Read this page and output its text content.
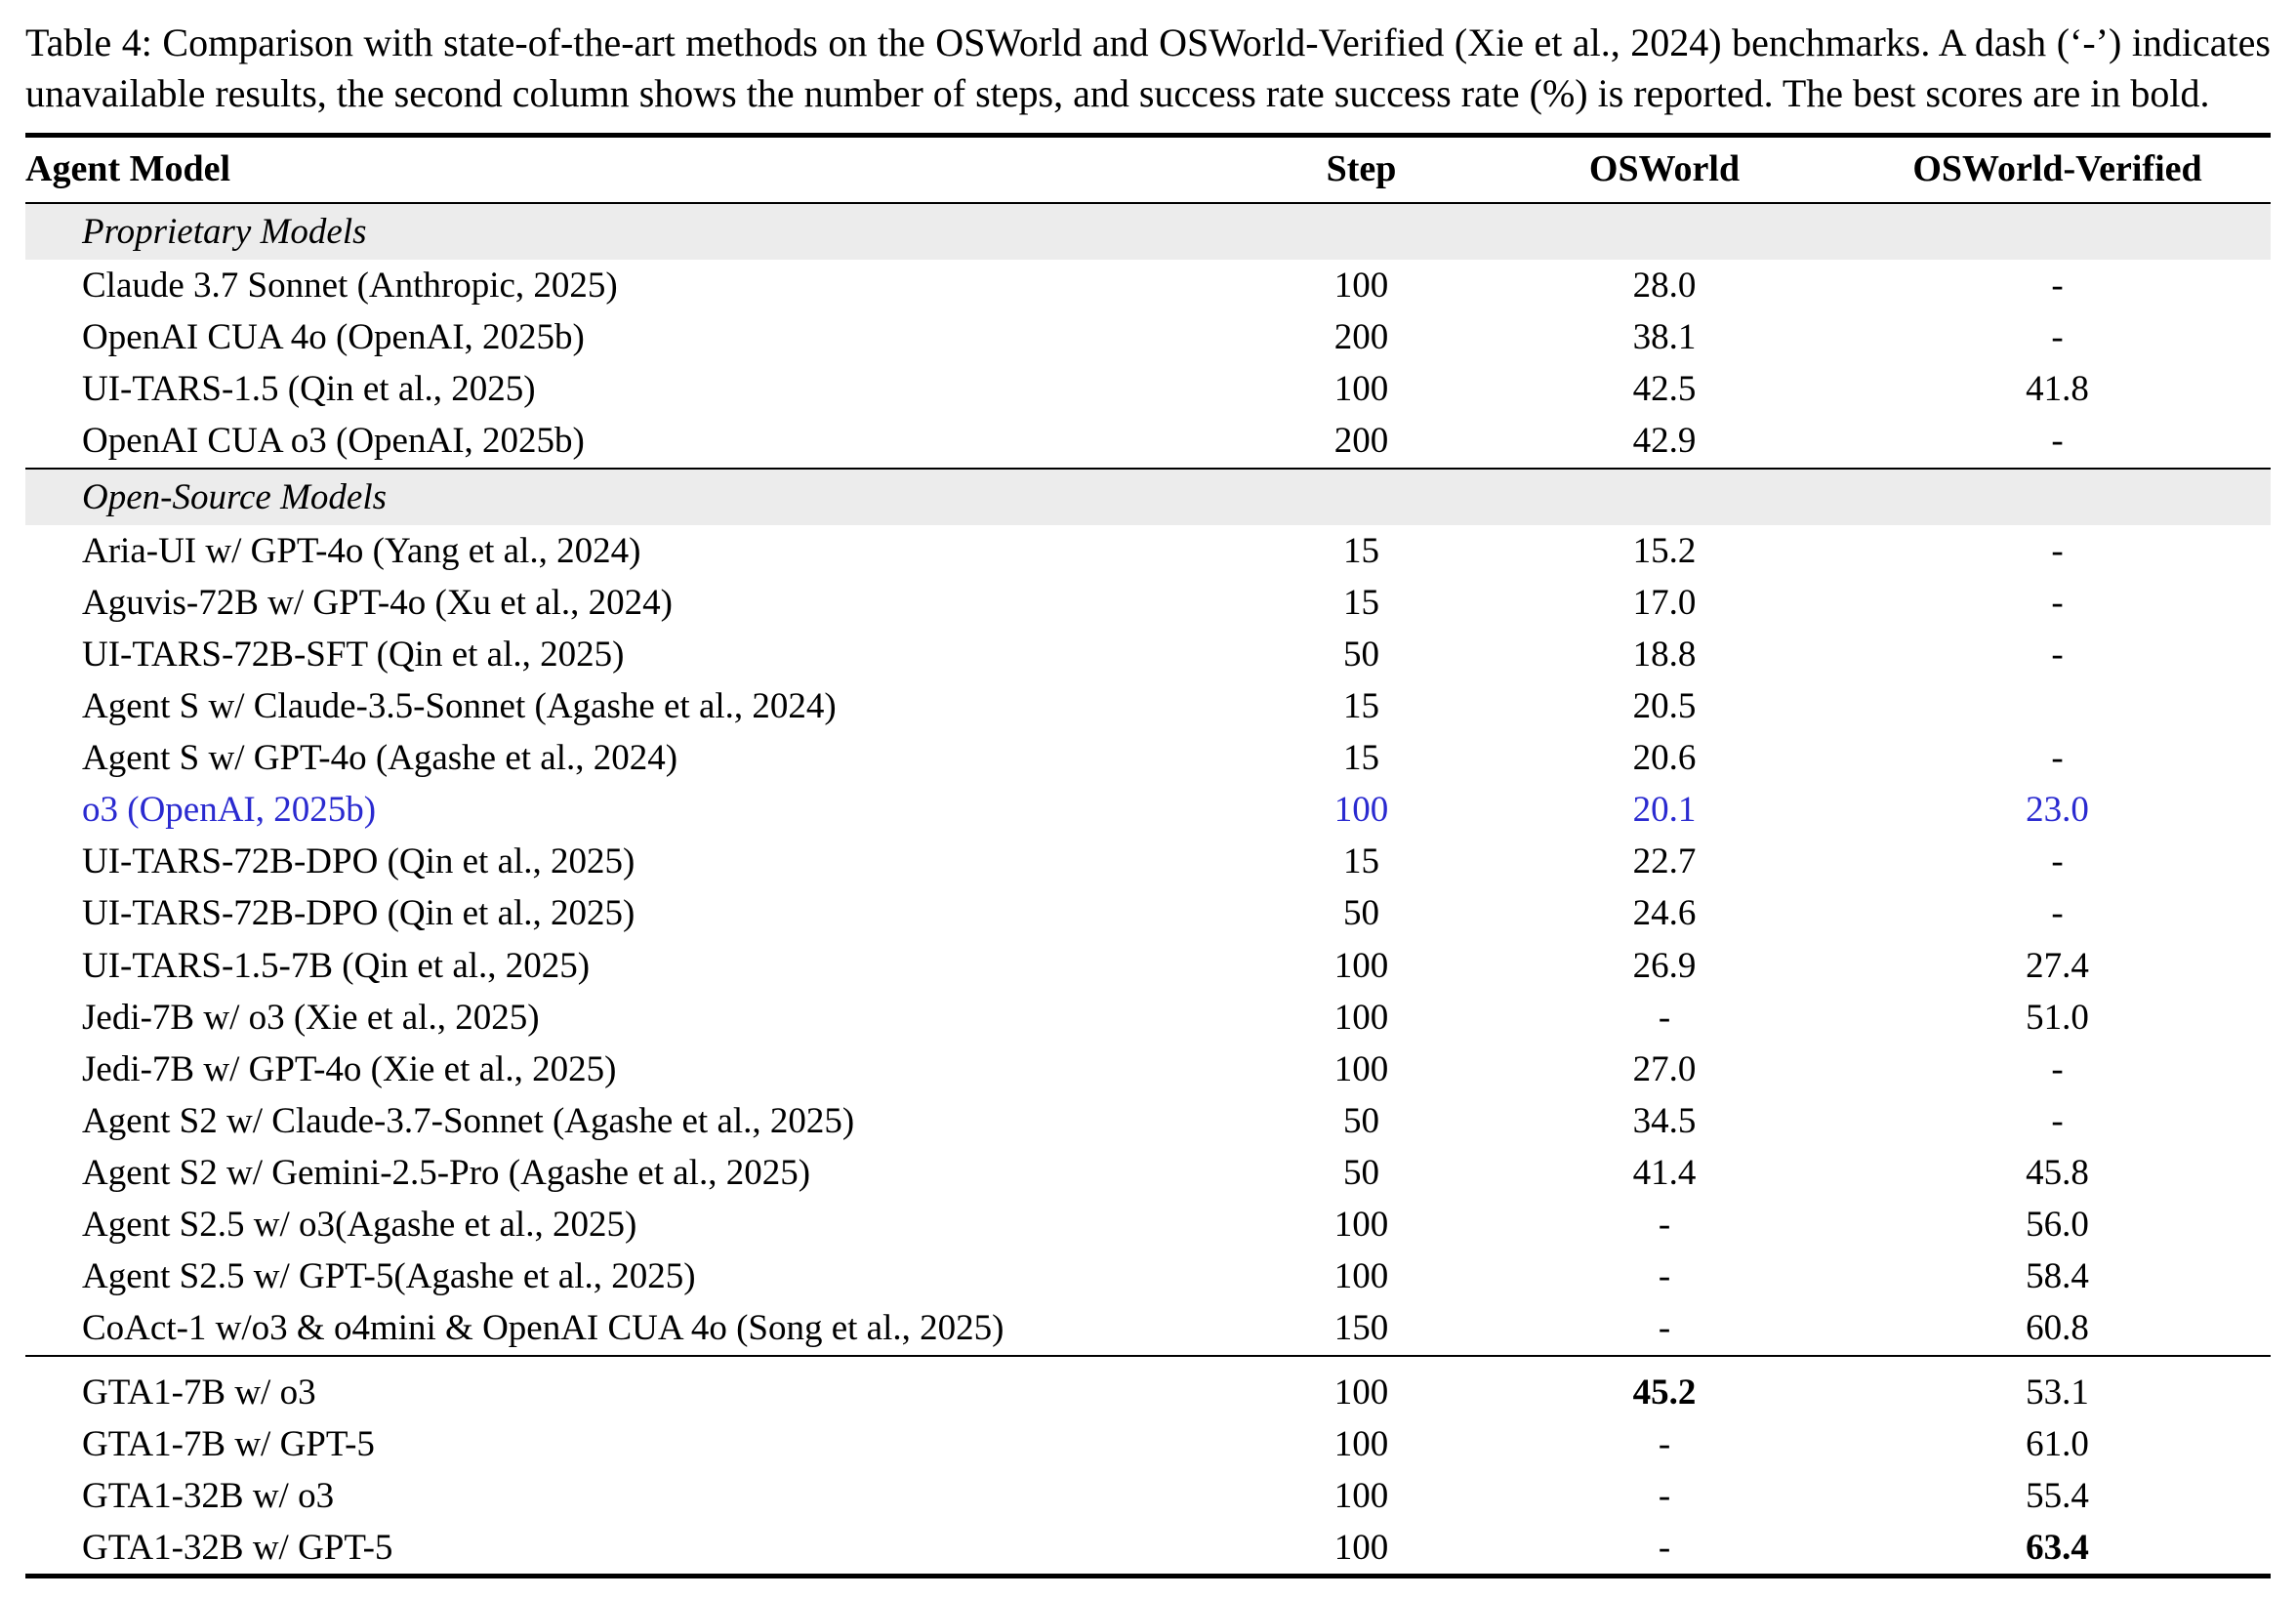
Table 4: Comparison with state-of-the-art methods on the OSWorld and OSWorld-Verified (Xie et al., 2024) benchmarks. A dash (‘-’) indicates unavailable results, the second column shows the number of steps, and success rate success rate (%) is reported. The best scores are in bold.

Agent Model	Step	OSWorld	OSWorld-Verified

Proprietary Models			
Claude 3.7 Sonnet (Anthropic, 2025)	100	28.0	-
OpenAI CUA 4o (OpenAI, 2025b)	200	38.1	-
UI-TARS-1.5 (Qin et al., 2025)	100	42.5	41.8
OpenAI CUA o3 (OpenAI, 2025b)	200	42.9	-

Open-Source Models			
Aria-UI w/ GPT-4o (Yang et al., 2024)	15	15.2	-
Aguvis-72B w/ GPT-4o (Xu et al., 2024)	15	17.0	-
UI-TARS-72B-SFT (Qin et al., 2025)	50	18.8	-
Agent S w/ Claude-3.5-Sonnet (Agashe et al., 2024)	15	20.5	
Agent S w/ GPT-4o (Agashe et al., 2024)	15	20.6	-
o3 (OpenAI, 2025b)	100	20.1	23.0
UI-TARS-72B-DPO (Qin et al., 2025)	15	22.7	-
UI-TARS-72B-DPO (Qin et al., 2025)	50	24.6	-
UI-TARS-1.5-7B (Qin et al., 2025)	100	26.9	27.4
Jedi-7B w/ o3 (Xie et al., 2025)	100	-	51.0
Jedi-7B w/ GPT-4o (Xie et al., 2025)	100	27.0	-
Agent S2 w/ Claude-3.7-Sonnet (Agashe et al., 2025)	50	34.5	-
Agent S2 w/ Gemini-2.5-Pro (Agashe et al., 2025)	50	41.4	45.8
Agent S2.5 w/ o3(Agashe et al., 2025)	100	-	56.0
Agent S2.5 w/ GPT-5(Agashe et al., 2025)	100	-	58.4
CoAct-1 w/o3 & o4mini & OpenAI CUA 4o (Song et al., 2025)	150	-	60.8

GTA1-7B w/ o3	100	45.2	53.1
GTA1-7B w/ GPT-5	100	-	61.0
GTA1-32B w/ o3	100	-	55.4
GTA1-32B w/ GPT-5	100	-	63.4
